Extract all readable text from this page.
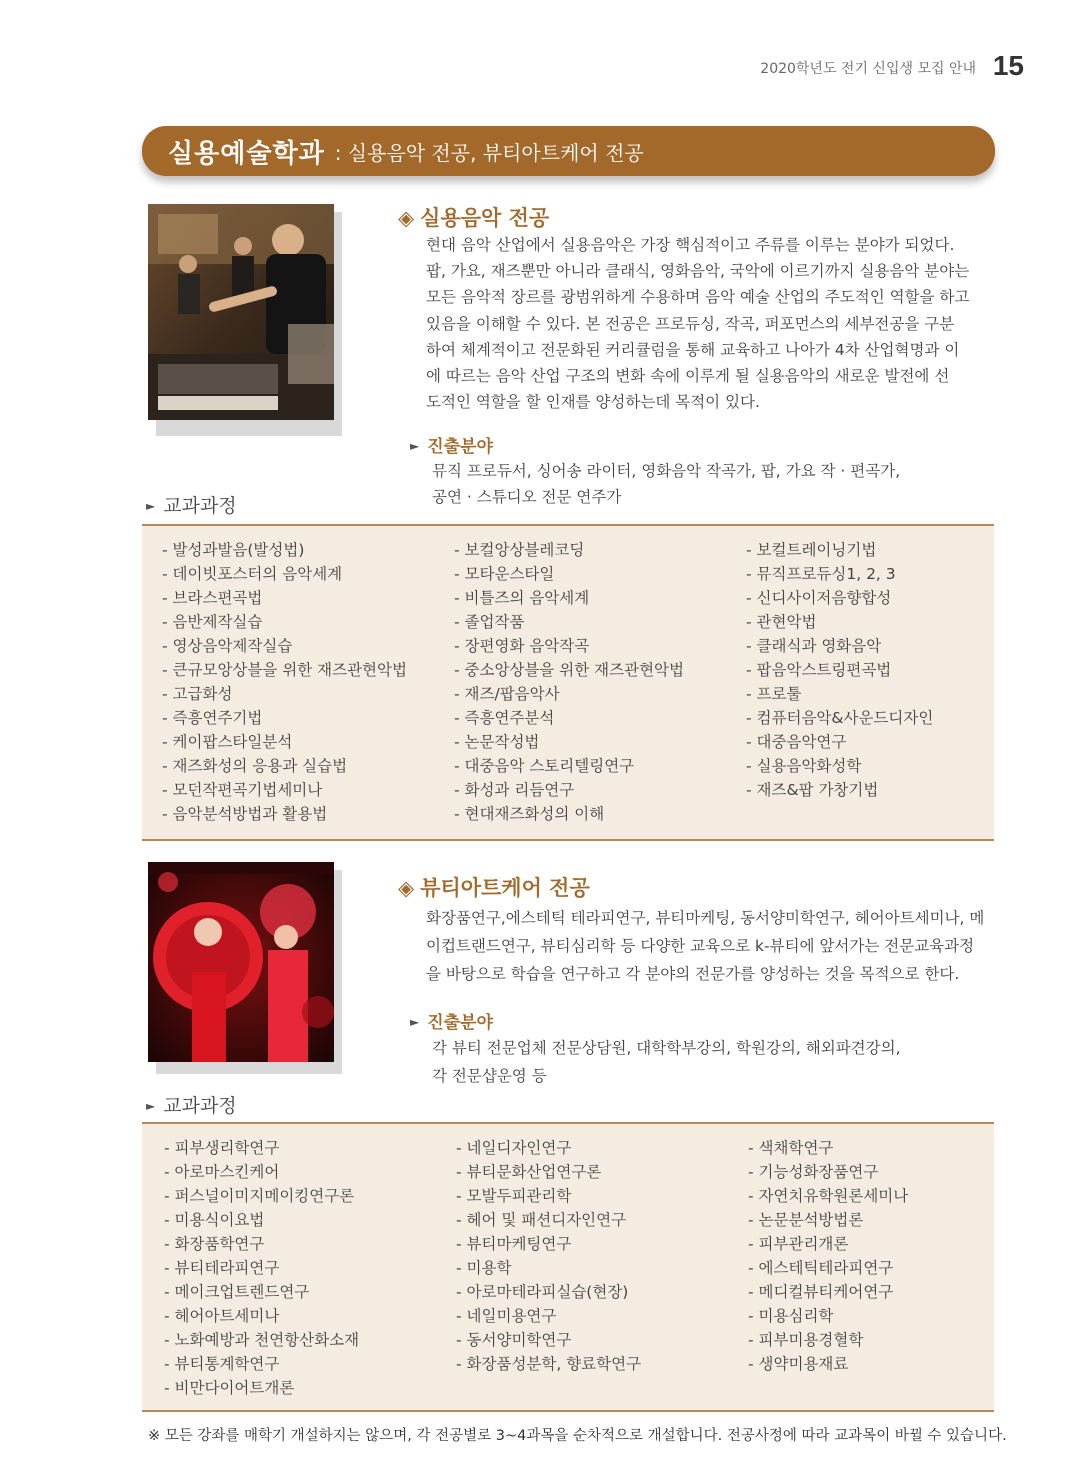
2020학년도 전기 신입생 모집 안내 15
실용예술학과 : 실용음악 전공, 뷰티아트케어 전공
◈ 실용음악 전공
현대 음악 산업에서 실용음악은 가장 핵심적이고 주류를 이루는 분야가 되었다.
팝, 가요, 재즈뿐만 아니라 클래식, 영화음악, 국악에 이르기까지 실용음악 분야는
모든 음악적 장르를 광범위하게 수용하며 음악 예술 산업의 주도적인 역할을 하고
있음을 이해할 수 있다. 본 전공은 프로듀싱, 작곡, 퍼포먼스의 세부전공을 구분
하여 체계적이고 전문화된 커리큘럼을 통해 교육하고 나아가 4차 산업혁명과 이
에 따르는 음악 산업 구조의 변화 속에 이루게 될 실용음악의 새로운 발전에 선
도적인 역할을 할 인재를 양성하는데 목적이 있다.
► 진출분야
뮤직 프로듀서, 싱어송 라이터, 영화음악 작곡가, 팝, 가요 작 · 편곡가,
공연 · 스튜디오 전문 연주가
► 교과과정
- 발성과발음(발성법)
- 데이빗포스터의 음악세계
- 브라스편곡법
- 음반제작실습
- 영상음악제작실습
- 큰규모앙상블을 위한 재즈관현악법
- 고급화성
- 즉흥연주기법
- 케이팝스타일분석
- 재즈화성의 응용과 실습법
- 모던작편곡기법세미나
- 음악분석방법과 활용법
- 보컬앙상블레코딩
- 모타운스타일
- 비틀즈의 음악세계
- 졸업작품
- 장편영화 음악작곡
- 중소앙상블을 위한 재즈관현악법
- 재즈/팝음악사
- 즉흥연주분석
- 논문작성법
- 대중음악 스토리텔링연구
- 화성과 리듬연구
- 현대재즈화성의 이해
- 보컬트레이닝기법
- 뮤직프로듀싱1, 2, 3
- 신디사이저음향합성
- 관현악법
- 클래식과 영화음악
- 팝음악스트링편곡법
- 프로툴
- 컴퓨터음악&사운드디자인
- 대중음악연구
- 실용음악화성학
- 재즈&팝 가창기법
◈ 뷰티아트케어 전공
화장품연구,에스테틱 테라피연구, 뷰티마케팅, 동서양미학연구, 헤어아트세미나, 메
이컵트랜드연구, 뷰티심리학 등 다양한 교육으로 k-뷰티에 앞서가는 전문교육과정
을 바탕으로 학습을 연구하고 각 분야의 전문가를 양성하는 것을 목적으로 한다.
► 진출분야
각 뷰티 전문업체 전문상담원, 대학학부강의, 학원강의, 해외파견강의,
각 전문샵운영 등
► 교과과정
- 피부생리학연구
- 아로마스킨케어
- 퍼스널이미지메이킹연구론
- 미용식이요법
- 화장품학연구
- 뷰티테라피연구
- 메이크업트렌드연구
- 헤어아트세미나
- 노화예방과 천연항산화소재
- 뷰티통계학연구
- 비만다이어트개론
- 네일디자인연구
- 뷰티문화산업연구론
- 모발두피관리학
- 헤어 및 패션디자인연구
- 뷰티마케팅연구
- 미용학
- 아로마테라피실습(현장)
- 네일미용연구
- 동서양미학연구
- 화장품성분학, 향료학연구
- 색채학연구
- 기능성화장품연구
- 자연치유학원론세미나
- 논문분석방법론
- 피부관리개론
- 에스테틱테라피연구
- 메디컬뷰티케어연구
- 미용심리학
- 피부미용경혈학
- 생약미용재료
※ 모든 강좌를 매학기 개설하지는 않으며, 각 전공별로 3~4과목을 순차적으로 개설합니다. 전공사정에 따라 교과목이 바뀔 수 있습니다.
